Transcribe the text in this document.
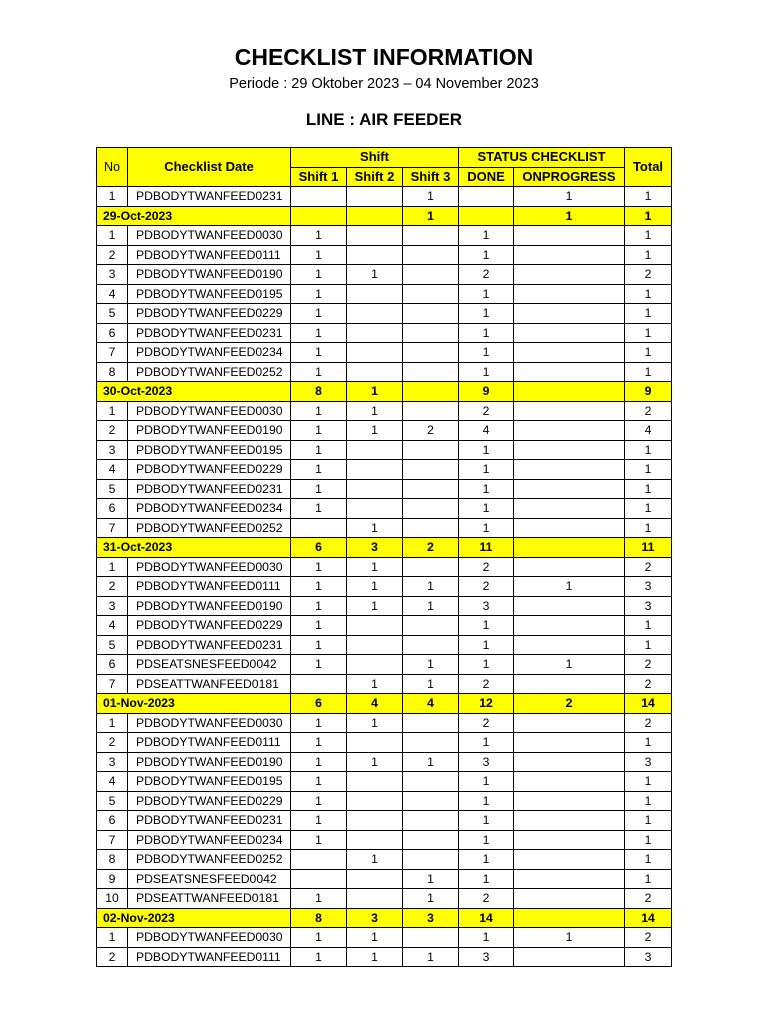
CHECKLIST INFORMATION
Periode : 29 Oktober 2023 – 04 November 2023
LINE : AIR FEEDER
No	Checklist Date	Shift			STATUS CHECKLIST		Total
		Shift 1	Shift 2	Shift 3	DONE	ONPROGRESS	
1	PDBODYTWANFEED0231			1		1	1
29-Oct-2023				1		1	1
1	PDBODYTWANFEED0030	1			1		1
2	PDBODYTWANFEED0111	1			1		1
3	PDBODYTWANFEED0190	1	1		2		2
4	PDBODYTWANFEED0195	1			1		1
5	PDBODYTWANFEED0229	1			1		1
6	PDBODYTWANFEED0231	1			1		1
7	PDBODYTWANFEED0234	1			1		1
8	PDBODYTWANFEED0252	1			1		1
30-Oct-2023		8	1		9		9
1	PDBODYTWANFEED0030	1	1		2		2
2	PDBODYTWANFEED0190	1	1	2	4		4
3	PDBODYTWANFEED0195	1			1		1
4	PDBODYTWANFEED0229	1			1		1
5	PDBODYTWANFEED0231	1			1		1
6	PDBODYTWANFEED0234	1			1		1
7	PDBODYTWANFEED0252		1		1		1
31-Oct-2023		6	3	2	11		11
1	PDBODYTWANFEED0030	1	1		2		2
2	PDBODYTWANFEED0111	1	1	1	2	1	3
3	PDBODYTWANFEED0190	1	1	1	3		3
4	PDBODYTWANFEED0229	1			1		1
5	PDBODYTWANFEED0231	1			1		1
6	PDSEATSNESFEED0042	1		1	1	1	2
7	PDSEATTWANFEED0181		1	1	2		2
01-Nov-2023		6	4	4	12	2	14
1	PDBODYTWANFEED0030	1	1		2		2
2	PDBODYTWANFEED0111	1			1		1
3	PDBODYTWANFEED0190	1	1	1	3		3
4	PDBODYTWANFEED0195	1			1		1
5	PDBODYTWANFEED0229	1			1		1
6	PDBODYTWANFEED0231	1			1		1
7	PDBODYTWANFEED0234	1			1		1
8	PDBODYTWANFEED0252		1		1		1
9	PDSEATSNESFEED0042			1	1		1
10	PDSEATTWANFEED0181	1		1	2		2
02-Nov-2023		8	3	3	14		14
1	PDBODYTWANFEED0030	1	1		1	1	2
2	PDBODYTWANFEED0111	1	1	1	3		3
